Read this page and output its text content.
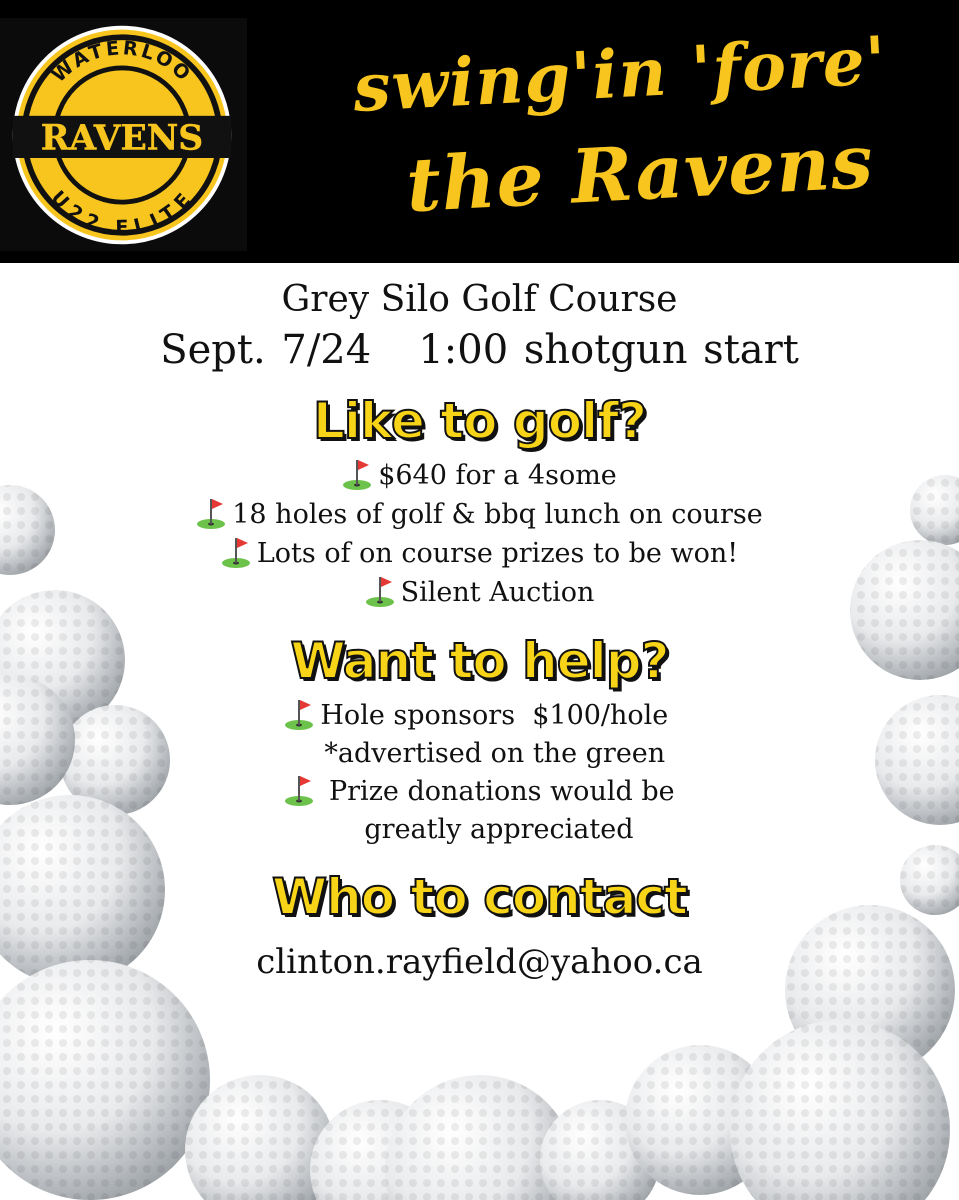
WATERLOO
U22 ELITE
RAVENS
swing'in 'fore'
the Ravens
Grey Silo Golf Course
Sept. 7/24   1:00 shotgun start
Like to golf?
$640 for a 4some
18 holes of golf & bbq lunch on course
Lots of on course prizes to be won!
Silent Auction
Want to help?
Hole sponsors  $100/hole
*advertised on the green
Prize donations would be
greatly appreciated
Who to contact
clinton.rayfield@yahoo.ca
